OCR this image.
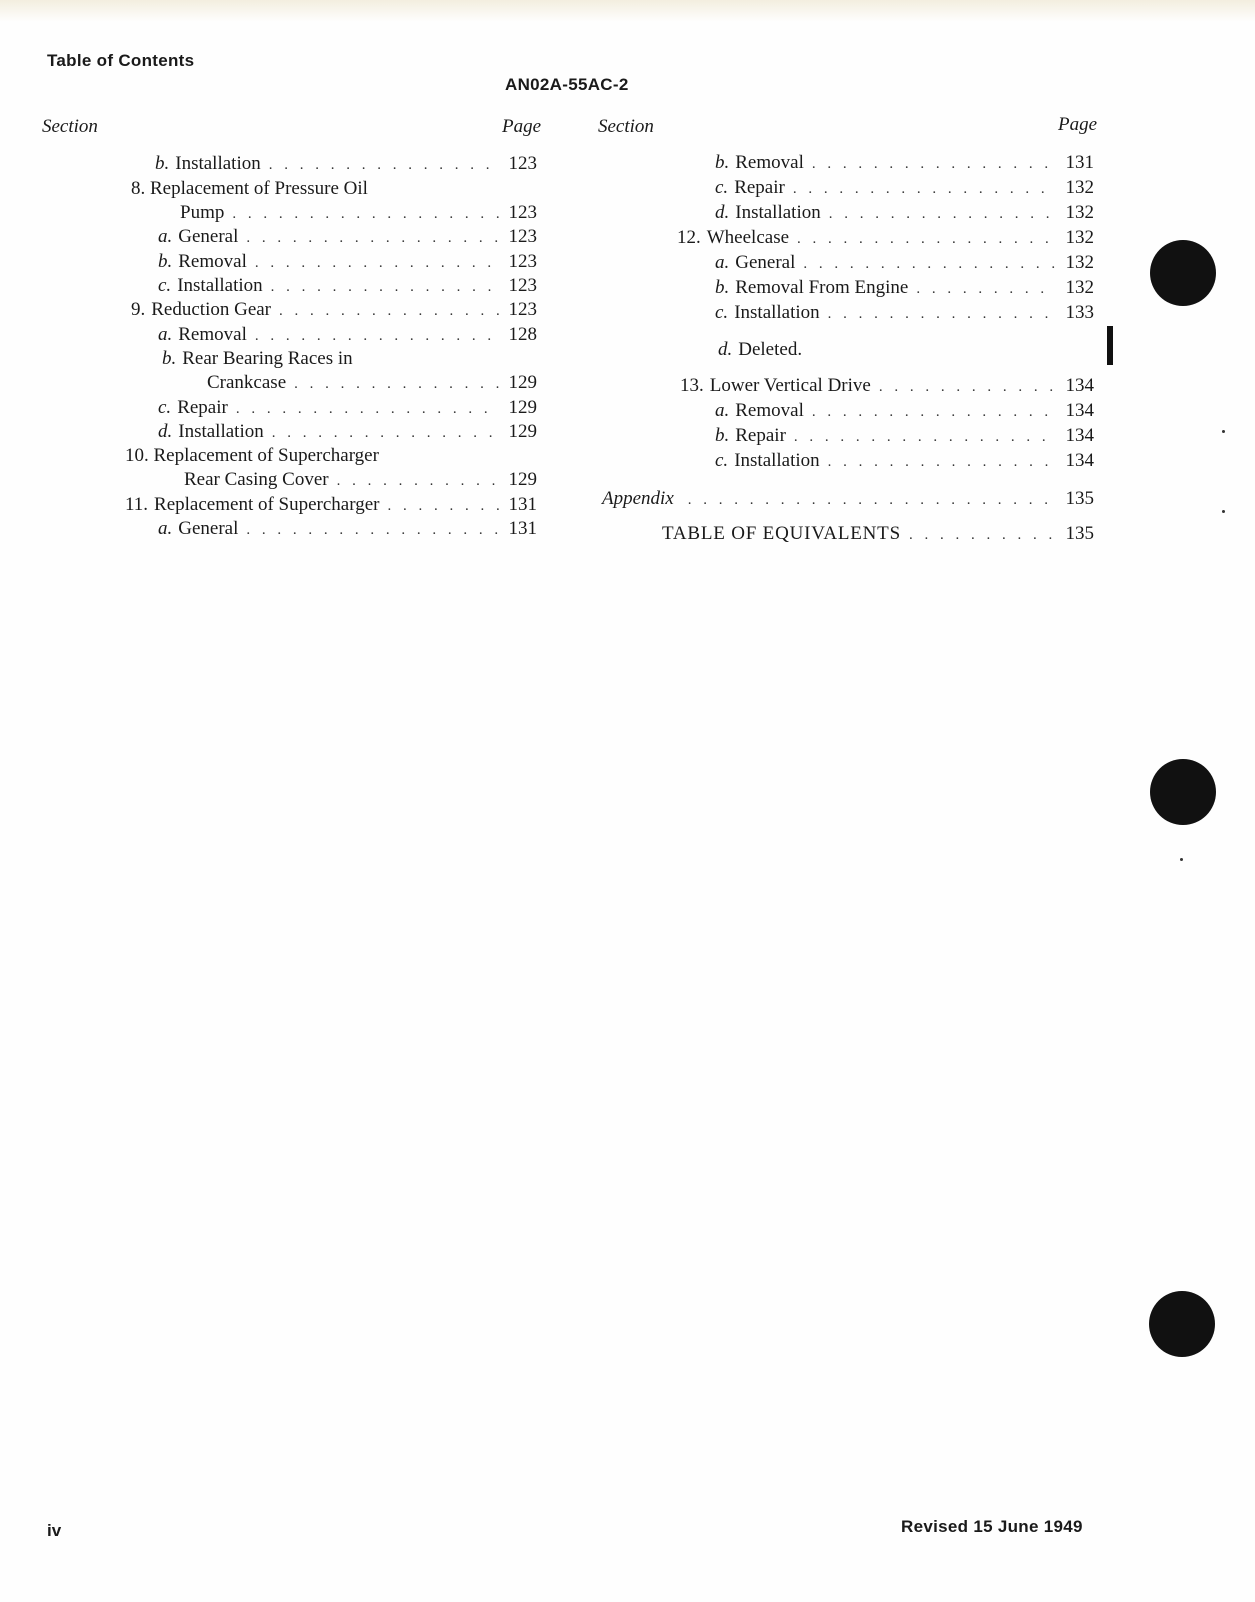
Table of Contents
AN02A-55AC-2
Section	Page	Section	Page
b. Installation . . .	123
8. Replacement of Pressure Oil
Pump . . .	123
a. General . . .	123
b. Removal . . .	123
c. Installation . . .	123
9. Reduction Gear . . .	123
a. Removal . . .	128
b. Rear Bearing Races in
Crankcase . . .	129
c. Repair . . .	129
d. Installation . . .	129
10. Replacement of Supercharger
Rear Casing Cover . . .	129
11. Replacement of Supercharger . . .	131
a. General . . .	131
b. Removal . . .	131
c. Repair . . .	132
d. Installation . . .	132
12. Wheelcase . . .	132
a. General . . .	132
b. Removal From Engine . . .	132
c. Installation . . .	133
d. Deleted.
13. Lower Vertical Drive . . .	134
a. Removal . . .	134
b. Repair . . .	134
c. Installation . . .	134
Appendix . . .	135
TABLE OF EQUIVALENTS . . .	135
iv	Revised 15 June 1949
